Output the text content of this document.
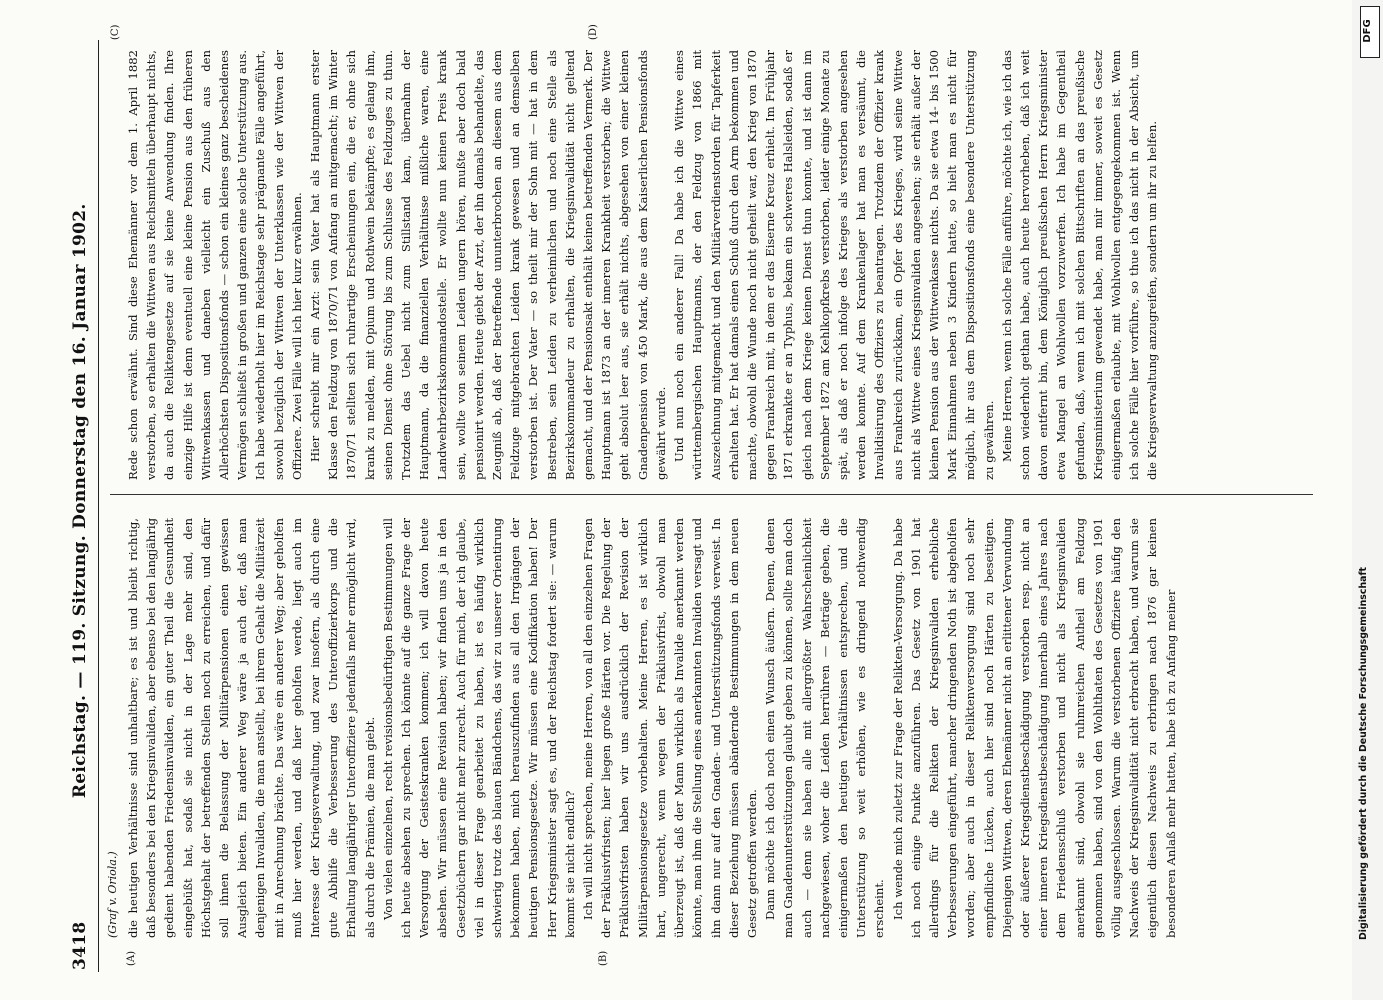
3418
Reichstag. — 119. Sitzung. Donnerstag den 16. Januar 1902.
(Graf v. Oriola.)
(A)	(B)
(C)	(D)

die heutigen Verhältnisse sind unhaltbare; es ist und bleibt richtig, daß besonders bei den Kriegsinvaliden, aber ebenso bei den langjährig gedient habenden Friedensinvaliden, ein guter Theil die Gesundheit eingebüßt hat, sodaß sie nicht in der Lage mehr sind, den Höchstgehalt der betreffenden Stellen noch zu erreichen, und dafür soll ihnen die Belassung der Militärpensionen einen gewissen Ausgleich bieten. Ein anderer Weg wäre ja auch der, daß man denjenigen Invaliden, die man anstellt, bei ihrem Gehalt die Militärzeit mit in Anrechnung brächte. Das wäre ein anderer Weg; aber geholfen muß hier werden, und daß hier geholfen werde, liegt auch im Interesse der Kriegsverwaltung, und zwar insofern, als durch eine gute Abhilfe die Verbesserung des Unteroffizierkorps und die Erhaltung langjähriger Unteroffiziere jedenfalls mehr ermöglicht wird, als durch die Prämien, die man giebt. Von vielen einzelnen, recht revisionsbedürftigen Bestimmungen will ich heute absehen zu sprechen. Ich könnte auf die ganze Frage der Versorgung der Geisteskranken kommen; ich will davon heute absehen. Wir müssen eine Revision haben; wir finden uns ja in den Gesetzbüchern gar nicht mehr zurecht. Auch für mich, der ich glaube, viel in dieser Frage gearbeitet zu haben, ist es häufig wirklich schwierig trotz des blauen Bändchens, das wir zu unserer Orientirung bekommen haben, mich herauszufinden aus all den Irrgängen der heutigen Pensionsgesetze. Wir müssen eine Kodifikation haben! Der Herr Kriegsminister sagt es, und der Reichstag fordert sie: — warum kommt sie nicht endlich? Ich will nicht sprechen, meine Herren, von all den einzelnen Fragen der Präklusivfristen; hier liegen große Härten vor. Die Regelung der Präklusivfristen haben wir uns ausdrücklich der Revision der Militärpensionsgesetze vorbehalten. Meine Herren, es ist wirklich hart, ungerecht, wenn wegen der Präklusivfrist, obwohl man überzeugt ist, daß der Mann wirklich als Invalide anerkannt werden könnte, man ihm die Stellung eines anerkannten Invaliden versagt und ihn dann nur auf den Gnaden- und Unterstützungsfonds verweist. In dieser Beziehung müssen abändernde Bestimmungen in dem neuen Gesetz getroffen werden. Dann möchte ich doch noch einen Wunsch äußern. Denen, denen man Gnadenunterstützungen glaubt geben zu können, sollte man doch auch — denn sie haben alle mit allergrößter Wahrscheinlichkeit nachgewiesen, woher die Leiden herrühren — Beträge geben, die einigermaßen den heutigen Verhältnissen entsprechen, und die Unterstützung so weit erhöhen, wie es dringend nothwendig erscheint. Ich wende mich zuletzt zur Frage der Relikten-Versorgung. Da habe ich noch einige Punkte anzuführen. Das Gesetz von 1901 hat allerdings für die Relikten der Kriegsinvaliden erhebliche Verbesserungen eingeführt, mancher dringenden Noth ist abgeholfen worden; aber auch in dieser Reliktenversorgung sind noch sehr empfindliche Lücken, auch hier sind noch Härten zu beseitigen. Diejenigen Wittwen, deren Ehemänner nicht an erlittener Verwundung oder äußerer Kriegsdienstbeschädigung verstorben resp. nicht an einer inneren Kriegsdienstbeschädigung innerhalb eines Jahres nach dem Friedensschluß verstorben und nicht als Kriegsinvaliden anerkannt sind, obwohl sie ruhmreichen Antheil am Feldzug genommen haben, sind von den Wohlthaten des Gesetzes von 1901 völlig ausgeschlossen. Warum die verstorbenen Offiziere häufig den Nachweis der Kriegsinvalidität nicht erbracht haben, und warum sie eigentlich diesen Nachweis zu erbringen nach 1876 gar keinen besonderen Anlaß mehr hatten, habe ich zu Anfang meiner

Rede schon erwähnt. Sind diese Ehemänner vor dem 1. April 1882 verstorben, so erhalten die Wittwen aus Reichsmitteln überhaupt nichts, da auch die Reliktengesetze auf sie keine Anwendung finden. Ihre einzige Hilfe ist denn eventuell eine kleine Pension aus den früheren Wittwenkassen und daneben vielleicht ein Zuschuß aus den Allerhöchsten Dispositionsfonds — schon ein kleines ganz bescheidenes Vermögen schließt in großen und ganzen eine solche Unterstützung aus. Ich habe wiederholt hier im Reichstage sehr prägnante Fälle angeführt, sowohl bezüglich der Wittwen der Unterklassen wie der Wittwen der Offiziere. Zwei Fälle will ich hier kurz erwähnen. Hier schreibt mir ein Arzt: sein Vater hat als Hauptmann erster Klasse den Feldzug von 1870/71 von Anfang an mitgemacht; im Winter 1870/71 stellten sich ruhrartige Erscheinungen ein, die er, ohne sich krank zu melden, mit Opium und Rothwein bekämpfte; es gelang ihm, seinen Dienst ohne Störung bis zum Schlusse des Feldzuges zu thun. Trotzdem das Uebel nicht zum Stillstand kam, übernahm der Hauptmann, da die finanziellen Verhältnisse mißliche waren, eine Landwehrbezirkskommandostelle. Er wollte nun keinen Preis krank sein, wollte von seinem Leiden ungern hören, mußte aber doch bald pensionirt werden. Heute giebt der Arzt, der ihn damals behandelte, das Zeugniß ab, daß der Betreffende ununterbrochen an diesem aus dem Feldzuge mitgebrachten Leiden krank gewesen und an demselben verstorben ist. Der Vater — so theilt mir der Sohn mit — hat in dem Bestreben, sein Leiden zu verheimlichen und noch eine Stelle als Bezirkskommandeur zu erhalten, die Kriegsinvalidität nicht geltend gemacht, und der Pensionsakt enthält keinen betreffenden Vermerk. Der Hauptmann ist 1873 an der inneren Krankheit verstorben; die Wittwe geht absolut leer aus, sie erhält nichts, abgesehen von einer kleinen Gnadenpension von 450 Mark, die aus dem Kaiserlichen Pensionsfonds gewährt wurde. Und nun noch ein anderer Fall! Da habe ich die Wittwe eines württembergischen Hauptmanns, der den Feldzug von 1866 mit Auszeichnung mitgemacht und den Militärverdienstorden für Tapferkeit erhalten hat. Er hat damals einen Schuß durch den Arm bekommen und machte, obwohl die Wunde noch nicht geheilt war, den Krieg von 1870 gegen Frankreich mit, in dem er das Eiserne Kreuz erhielt. Im Frühjahr 1871 erkrankte er an Typhus, bekam ein schweres Halsleiden, sodaß er gleich nach dem Kriege keinen Dienst thun konnte, und ist dann im September 1872 am Kehlkopfkrebs verstorben, leider einige Monate zu spät, als daß er noch infolge des Krieges als verstorben angesehen werden konnte. Auf dem Krankenlager hat man es versäumt, die Invalidisirung des Offiziers zu beantragen. Trotzdem der Offizier krank aus Frankreich zurückkam, ein Opfer des Krieges, wird seine Wittwe nicht als Wittwe eines Kriegsinvaliden angesehen; sie erhält außer der kleinen Pension aus der Wittwenkasse nichts. Da sie etwa 14- bis 1500 Mark Einnahmen neben 3 Kindern hatte, so hielt man es nicht für möglich, ihr aus dem Dispositionsfonds eine besondere Unterstützung zu gewähren. Meine Herren, wenn ich solche Fälle anführe, möchte ich, wie ich das schon wiederholt gethan habe, auch heute hervorheben, daß ich weit davon entfernt bin, dem Königlich preußischen Herrn Kriegsminister etwa Mangel an Wohlwollen vorzuwerfen. Ich habe im Gegentheil gefunden, daß, wenn ich mit solchen Bittschriften an das preußische Kriegsministerium gewendet habe, man mir immer, soweit es Gesetz einigermaßen erlaubte, mit Wohlwollen entgegengekommen ist. Wenn ich solche Fälle hier vorführe, so thue ich das nicht in der Absicht, um die Kriegsverwaltung anzugreifen, sondern um ihr zu helfen.

Digitalisierung gefördert durch die Deutsche Forschungsgemeinschaft
DFG
